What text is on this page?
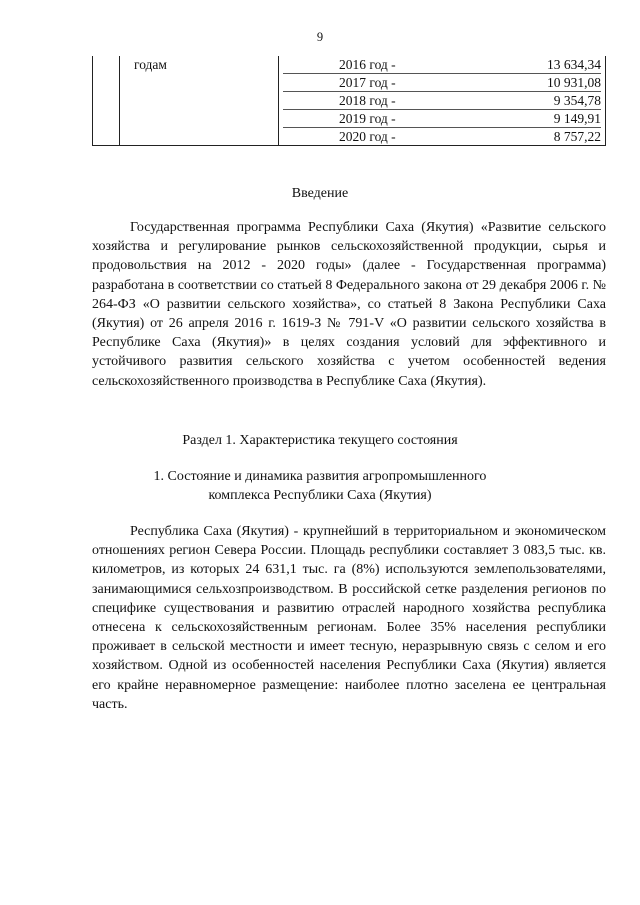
9
	годам	2016 год -	13 634,34
2017 год -	10 931,08
2018 год -	9 354,78
2019 год -	9 149,91
2020 год -	8 757,22
Введение

Государственная программа Республики Саха (Якутия) «Развитие сельского хозяйства и регулирование рынков сельскохозяйственной продукции, сырья и продовольствия на 2012 - 2020 годы» (далее - Государственная программа) разработана в соответствии со статьей 8 Федерального закона от 29 декабря 2006 г. № 264-ФЗ «О развитии сельского хозяйства», со статьей 8 Закона Республики Саха (Якутия) от 26 апреля 2016 г. 1619-З № 791-V «О развитии сельского хозяйства в Республике Саха (Якутия)» в целях создания условий для эффективного и устойчивого развития сельского хозяйства с учетом особенностей ведения сельскохозяйственного производства в Республике Саха (Якутия).

Раздел 1. Характеристика текущего состояния
1. Состояние и динамика развития агропромышленного
комплекса Республики Саха (Якутия)

Республика Саха (Якутия) - крупнейший в территориальном и экономическом отношениях регион Севера России. Площадь республики составляет 3 083,5 тыс. кв. километров, из которых 24 631,1 тыс. га (8%) используются землепользователями, занимающимися сельхозпроизводством. В российской сетке разделения регионов по специфике существования и развитию отраслей народного хозяйства республика отнесена к сельскохозяйственным регионам. Более 35% населения республики проживает в сельской местности и имеет тесную, неразрывную связь с селом и его хозяйством. Одной из особенностей населения Республики Саха (Якутия) является его крайне неравномерное размещение: наиболее плотно заселена ее центральная часть.
